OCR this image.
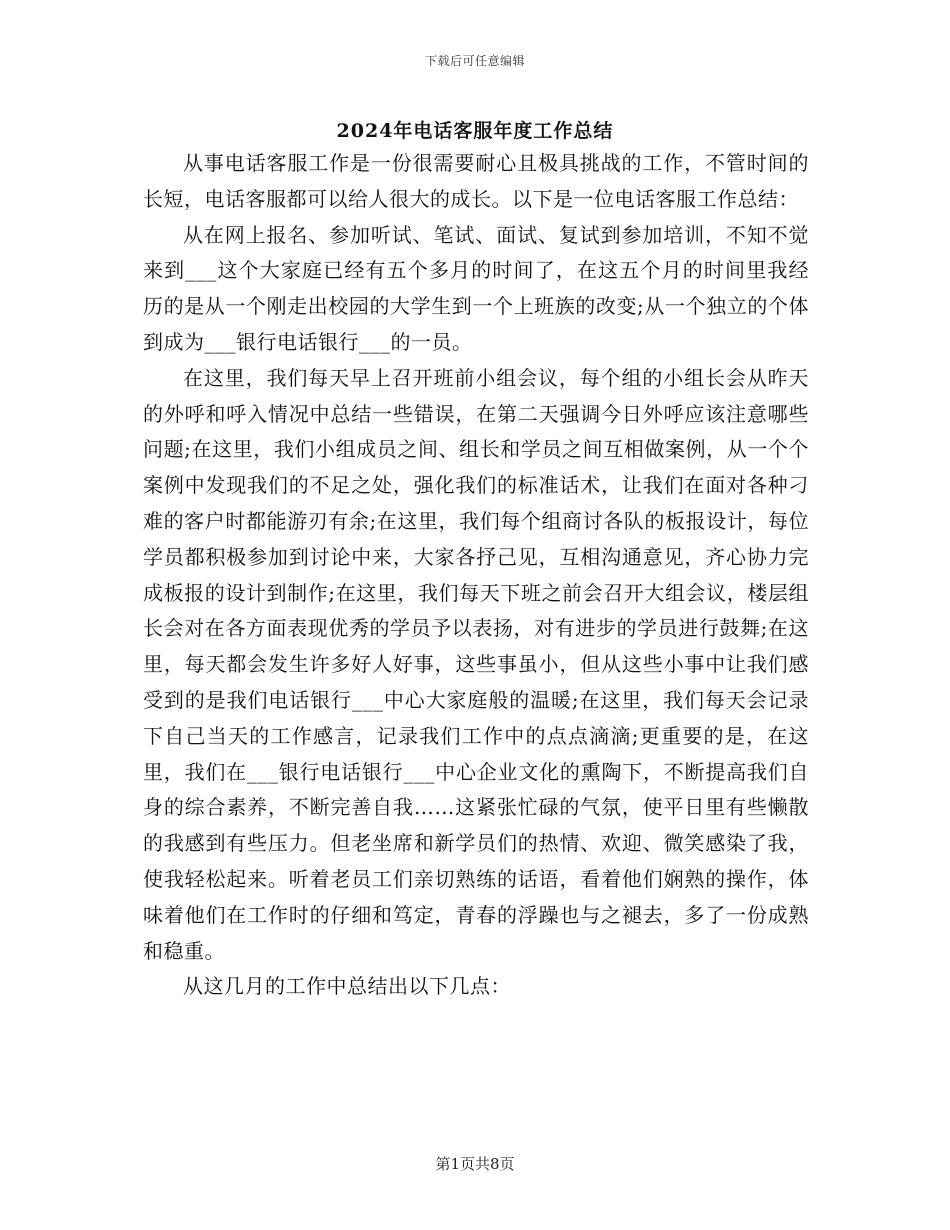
下载后可任意编辑
2024年电话客服年度工作总结

从事电话客服工作是一份很需要耐心且极具挑战的工作，不管时间的长短，电话客服都可以给人很大的成长。以下是一位电话客服工作总结：

从在网上报名、参加听试、笔试、面试、复试到参加培训，不知不觉来到___这个大家庭已经有五个多月的时间了，在这五个月的时间里我经历的是从一个刚走出校园的大学生到一个上班族的改变;从一个独立的个体到成为___银行电话银行___的一员。

在这里，我们每天早上召开班前小组会议，每个组的小组长会从昨天的外呼和呼入情况中总结一些错误，在第二天强调今日外呼应该注意哪些问题;在这里，我们小组成员之间、组长和学员之间互相做案例，从一个个案例中发现我们的不足之处，强化我们的标准话术，让我们在面对各种刁难的客户时都能游刃有余;在这里，我们每个组商讨各队的板报设计，每位学员都积极参加到讨论中来，大家各抒己见，互相沟通意见，齐心协力完成板报的设计到制作;在这里，我们每天下班之前会召开大组会议，楼层组长会对在各方面表现优秀的学员予以表扬，对有进步的学员进行鼓舞;在这里，每天都会发生许多好人好事，这些事虽小，但从这些小事中让我们感受到的是我们电话银行___中心大家庭般的温暖;在这里，我们每天会记录下自己当天的工作感言，记录我们工作中的点点滴滴;更重要的是，在这里，我们在___银行电话银行___中心企业文化的熏陶下，不断提高我们自身的综合素养，不断完善自我……这紧张忙碌的气氛，使平日里有些懒散的我感到有些压力。但老坐席和新学员们的热情、欢迎、微笑感染了我，使我轻松起来。听着老员工们亲切熟练的话语，看着他们娴熟的操作，体味着他们在工作时的仔细和笃定，青春的浮躁也与之褪去，多了一份成熟和稳重。

从这几月的工作中总结出以下几点：

第1页共8页
